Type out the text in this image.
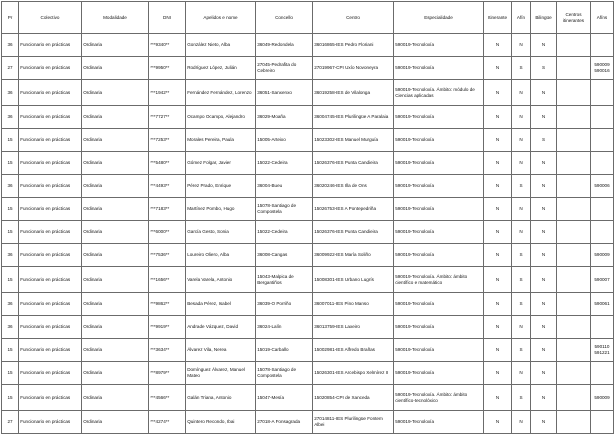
Pr	Colectivo	Modalidade	DNI	Apelidos e nome	Concello	Centro	Especialidade	Itinerante	Afín	Bilingüe	Centros itinerantes	Afíns
36	Funcionario en prácticas	Ordinaria	***9340**	González Nieto, Alba	36049-Redondela	36016865-IES Pedro Floriani	590019-Tecnoloxía	N	N	N		
27	Funcionario en prácticas	Ordinaria	***9950**	Rodríguez López, Julián	27045-Pedrafita do Cebreiro	27019967-CPI Uxío Novoneyra	590019-Tecnoloxía	N	S	S		590009 590016
36	Funcionario en prácticas	Ordinaria	***1942**	Fernández Fernández, Lorenzo	36051-Sanxenxo	36019258-IES de Vilalonga	590019-Tecnoloxía. Ámbito: módulo de Ciencias aplicadas	N	N	N		
36	Funcionario en prácticas	Ordinaria	***7727**	Ocampo Ocampo, Alejandro	36029-Moaña	36004745-IES Plurilingüe A Paralaia	590019-Tecnoloxía	N	N	N		
15	Funcionario en prácticas	Ordinaria	***7253**	Morales Pereira, Paula	15005-Arteixo	15023302-IES Manuel Murguía	590019-Tecnoloxía	N	N	S		
15	Funcionario en prácticas	Ordinaria	***5480**	Gómez Folgar, Javier	15022-Cedeira	15026376-IES Punta Candieira	590019-Tecnoloxía	N	N	N		
36	Funcionario en prácticas	Ordinaria	***4493**	Pérez Prado, Enrique	36004-Bueu	36020246-IES Illa de Ons	590019-Tecnoloxía	N	S	N		590006
15	Funcionario en prácticas	Ordinaria	***7183**	Martínez Pombo, Hugo	15078-Santiago de Compostela	15026753-IES A Pontepedriña	590019-Tecnoloxía	N	N	N		
15	Funcionario en prácticas	Ordinaria	***6000**	García Gesto, Sonia	15022-Cedeira	15026376-IES Punta Candieira	590019-Tecnoloxía	N	N	N		
36	Funcionario en prácticas	Ordinaria	***7536**	Loureiro Oliero, Alba	36008-Cangas	36009922-IES María Soliño	590019-Tecnoloxía	N	S	N		590009
15	Funcionario en prácticas	Ordinaria	***1656**	Varela Varela, Antonio	15043-Malpica de Bergantiños	15008301-IES Urbano Lugrís	590019-Tecnoloxía. Ámbito: ámbito científico e matemático	N	S	N		590007
36	Funcionario en prácticas	Ordinaria	***9862**	Besada Pérez, Isabel	36039-O Porriño	36007011-IES Pino Manso	590019-Tecnoloxía	N	S	N		590061
36	Funcionario en prácticas	Ordinaria	***9919**	Andrade Vázquez, David	36024-Lalín	36013759-IES Laxeiro	590019-Tecnoloxía	N	N	N		
15	Funcionario en prácticas	Ordinaria	***3634**	Álvarez Vila, Nerea	15019-Carballo	15002981-IES Alfredo Brañas	590019-Tecnoloxía	N	S	N		590110 591221
15	Funcionario en prácticas	Ordinaria	***8979**	Domínguez Álvarez, Manuel Mateo	15078-Santiago de Compostela	15026301-IES Arcebispo Xelmírez II	590019-Tecnoloxía	N	N	N		
15	Funcionario en prácticas	Ordinaria	***4566**	Galán Triana, Antonio	15047-Mesía	15020854-CPI de Xanceda	590019-Tecnoloxía. Ámbito: ámbito científico-tecnolóxico	N	S	N		590009
27	Funcionario en prácticas	Ordinaria	***4274**	Quintero Recondo, Ibai	27018-A Fonsagrada	27014811-IES Plurilingüe Fontem Albei	590019-Tecnoloxía	N	N	N		
